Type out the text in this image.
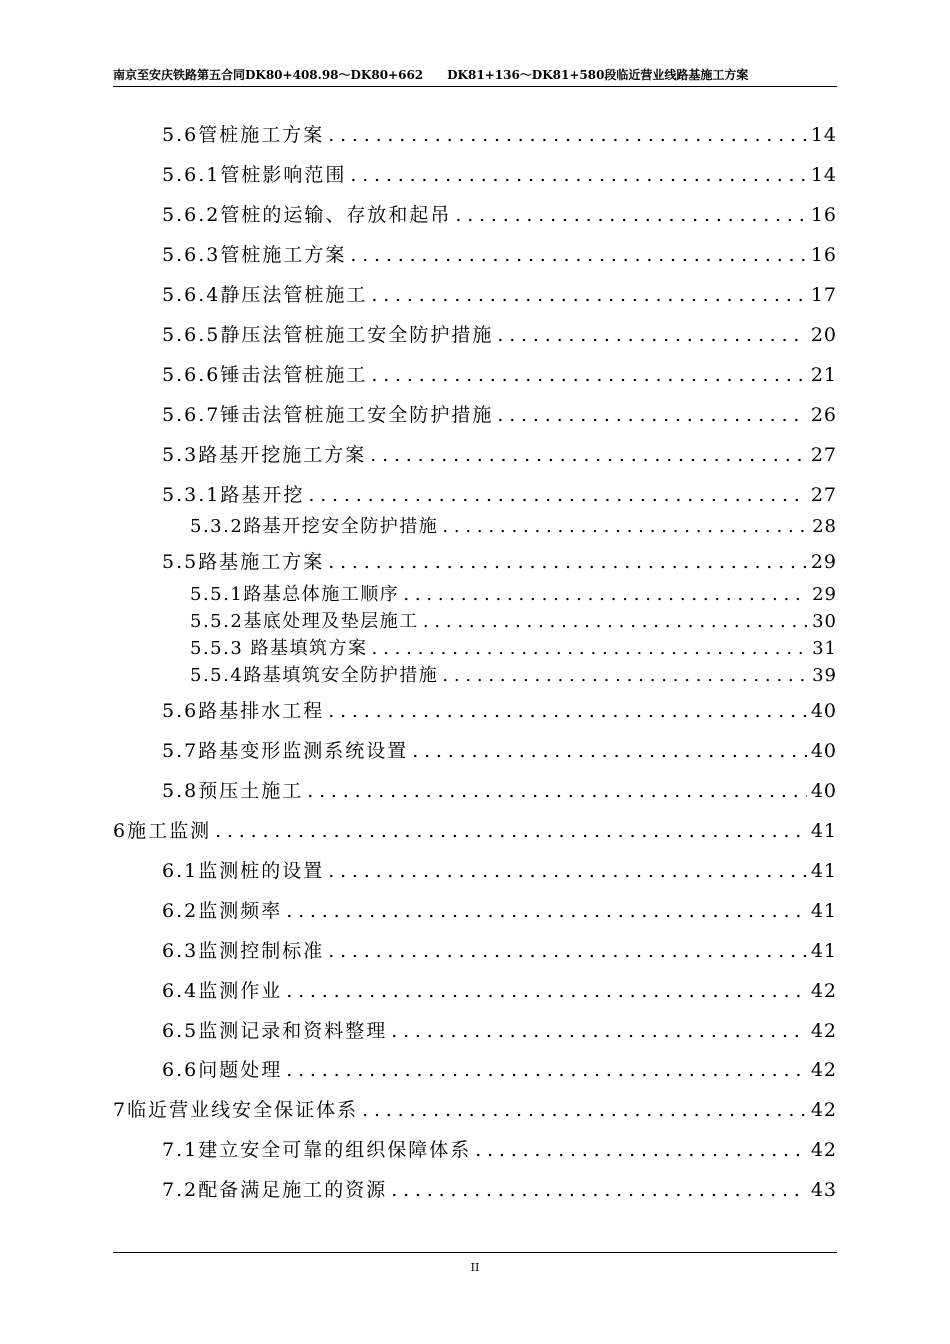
南京至安庆铁路第五合同DK80+408.98～DK80+662　　DK81+136～DK81+580段临近营业线路基施工方案
5.6 管桩施工方案 .....	14
5.6.1 管桩影响范围 .....	14
5.6.2 管桩的运输、存放和起吊 .....	16
5.6.3 管桩施工方案 .....	16
5.6.4 静压法管桩施工 .....	17
5.6.5 静压法管桩施工安全防护措施 .....	20
5.6.6 锤击法管桩施工 .....	21
5.6.7 锤击法管桩施工安全防护措施 .....	26
5.3 路基开挖施工方案 .....	27
5.3.1 路基开挖 .....	27
5.3.2 路基开挖安全防护措施 .....	28
5.5 路基施工方案 .....	29
5.5.1 路基总体施工顺序 .....	29
5.5.2 基底处理及垫层施工 .....	30
5.5.3 路基填筑方案 .....	31
5.5.4 路基填筑安全防护措施 .....	39
5.6 路基排水工程 .....	40
5.7 路基变形监测系统设置 .....	40
5.8 预压土施工 .....	40
6 施工监测 .....	41
6.1 监测桩的设置 .....	41
6.2 监测频率 .....	41
6.3 监测控制标准 .....	41
6.4 监测作业 .....	42
6.5 监测记录和资料整理 .....	42
6.6 问题处理 .....	42
7 临近营业线安全保证体系 .....	42
7.1 建立安全可靠的组织保障体系 .....	42
7.2 配备满足施工的资源 .....	43
II
